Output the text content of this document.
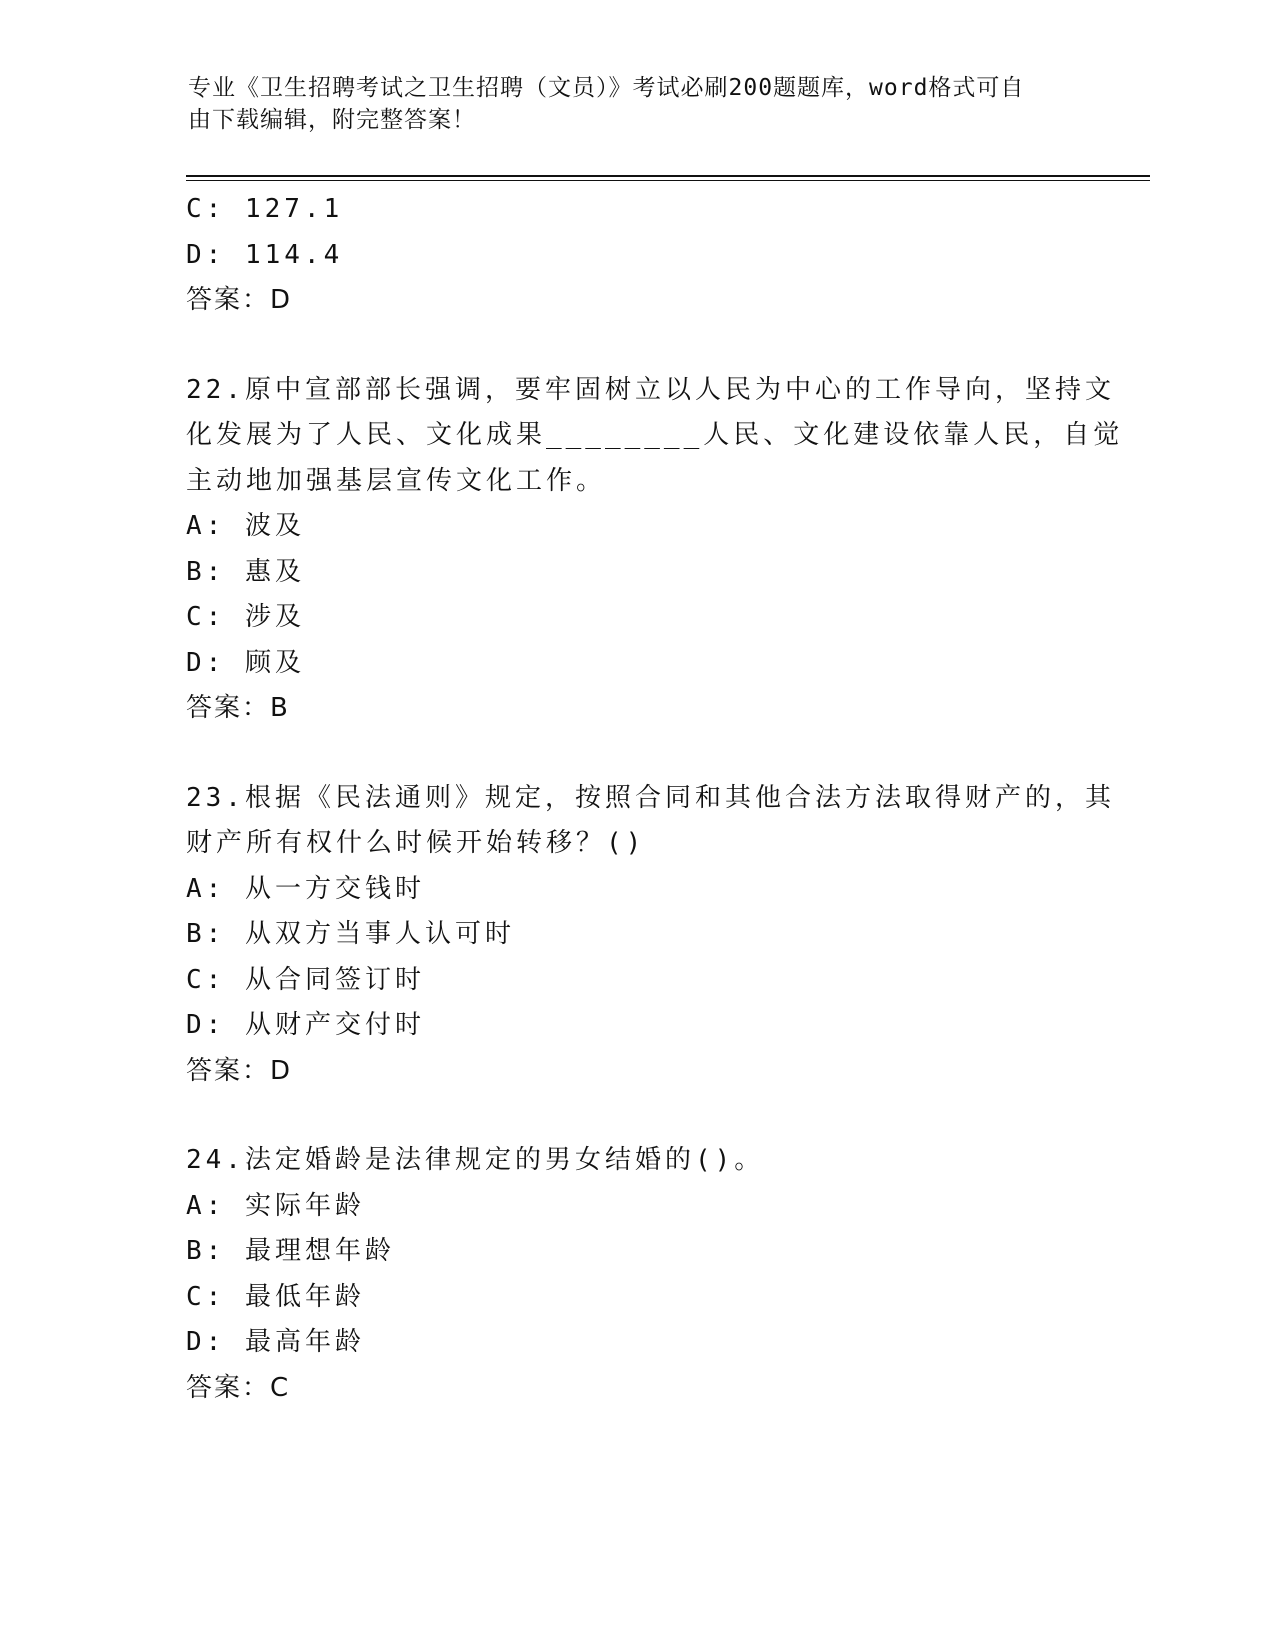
专业《卫生招聘考试之卫生招聘（文员）》考试必刷200题题库，word格式可自
由下载编辑，附完整答案！
C: 127.1
D: 114.4
答案：D
22.原中宣部部长强调，要牢固树立以人民为中心的工作导向，坚持文
化发展为了人民、文化成果________人民、文化建设依靠人民，自觉
主动地加强基层宣传文化工作。
A: 波及
B: 惠及
C: 涉及
D: 顾及
答案：B
23.根据《民法通则》规定，按照合同和其他合法方法取得财产的，其
财产所有权什么时候开始转移？()
A: 从一方交钱时
B: 从双方当事人认可时
C: 从合同签订时
D: 从财产交付时
答案：D
24.法定婚龄是法律规定的男女结婚的()。
A: 实际年龄
B: 最理想年龄
C: 最低年龄
D: 最高年龄
答案：C
